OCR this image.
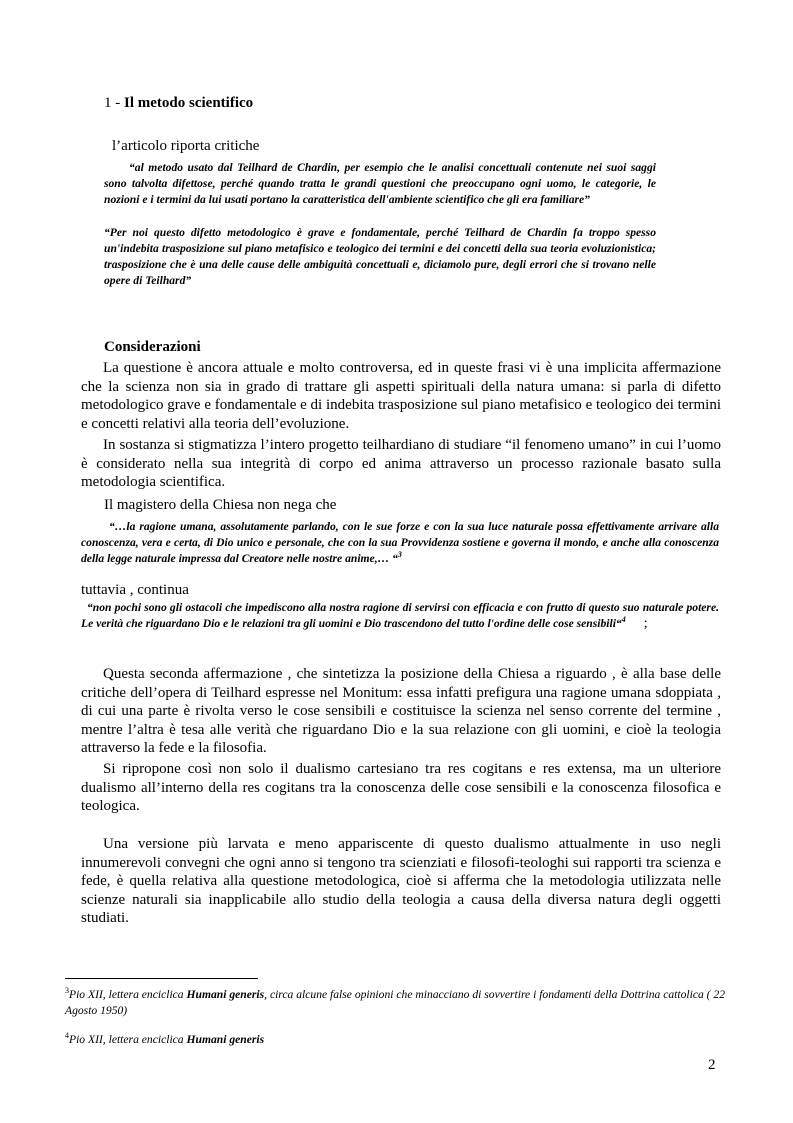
1 - Il metodo scientifico
l’articolo riporta critiche
“al metodo usato dal Teilhard de Chardin, per esempio che le analisi concettuali contenute nei suoi saggi sono talvolta difettose, perché quando tratta le grandi questioni che preoccupano ogni uomo, le categorie, le nozioni e i termini da lui usati portano la caratteristica dell'ambiente scientifico che gli era familiare”
“Per noi questo difetto metodologico è grave e fondamentale, perché Teilhard de Chardin fa troppo spesso un'indebita trasposizione sul piano metafisico e teologico dei termini e dei concetti della sua teoria evoluzionistica; trasposizione che è una delle cause delle ambiguità concettuali e, diciamolo pure, degli errori che si trovano nelle opere di Teilhard”
Considerazioni
La questione è ancora attuale e molto controversa, ed in queste frasi vi è una implicita affermazione che la scienza non sia in grado di trattare gli aspetti spirituali della natura umana: si parla di difetto metodologico grave e fondamentale e di indebita trasposizione sul piano metafisico e teologico dei termini e concetti relativi alla teoria dell’evoluzione.
In sostanza si stigmatizza l’intero progetto teilhardiano di studiare “il fenomeno umano” in cui l’uomo è considerato nella sua integrità di corpo ed anima attraverso un processo razionale basato sulla metodologia scientifica.
Il magistero della Chiesa non nega che
“…la ragione umana, assolutamente parlando, con le sue forze e con la sua luce naturale possa effettivamente arrivare alla conoscenza, vera e certa, di Dio unico e personale, che con la sua Provvidenza sostiene e governa il mondo, e anche alla conoscenza della legge naturale impressa dal Creatore nelle nostre anime,… “$^3$
tuttavia , continua
“non pochi sono gli ostacoli che impediscono alla nostra ragione di servirsi con efficacia e con frutto di questo suo naturale potere. Le verità che riguardano Dio e le relazioni tra gli uomini e Dio trascendono del tutto l'ordine delle cose sensibili“$^4$ ;
Questa seconda affermazione , che sintetizza la posizione della Chiesa a riguardo , è alla base delle critiche dell’opera di Teilhard espresse nel Monitum: essa infatti prefigura una ragione umana sdoppiata , di cui una parte è rivolta verso le cose sensibili e costituisce la scienza nel senso corrente del termine , mentre l’altra è tesa alle verità che riguardano Dio e la sua relazione con gli uomini, e cioè la teologia attraverso la fede e la filosofia.
Si ripropone così non solo il dualismo cartesiano tra res cogitans e res extensa, ma un ulteriore dualismo all’interno della res cogitans tra la conoscenza delle cose sensibili e la conoscenza filosofica e teologica.
Una versione più larvata e meno appariscente di questo dualismo attualmente in uso negli innumerevoli convegni che ogni anno si tengono tra scienziati e filosofi-teologhi sui rapporti tra scienza e fede, è quella relativa alla questione metodologica, cioè si afferma che la metodologia utilizzata nelle scienze naturali sia inapplicabile allo studio della teologia a causa della diversa natura degli oggetti studiati.
$^3$Pio XII, lettera enciclica Humani generis, circa alcune false opinioni che minacciano di sovvertire i fondamenti della Dottrina cattolica ( 22 Agosto 1950)
$^4$Pio XII, lettera enciclica Humani generis
2
